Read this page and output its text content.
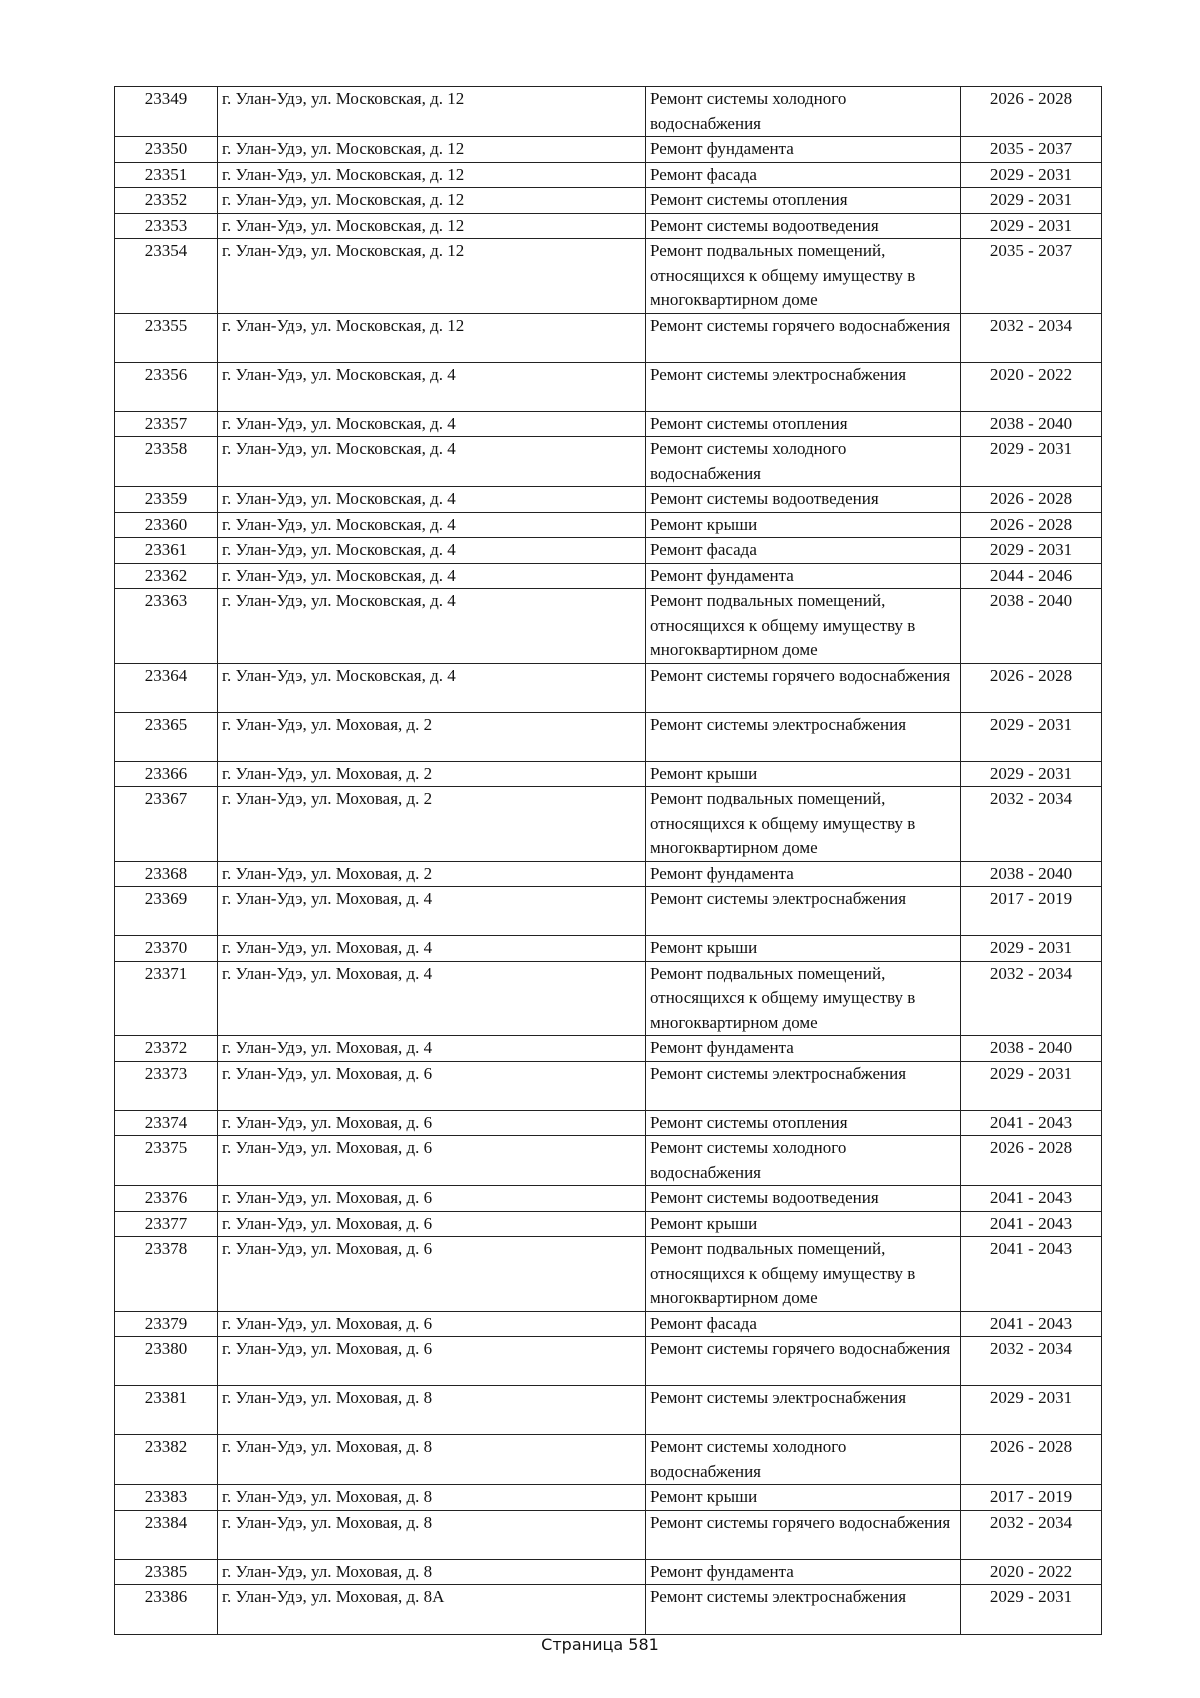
23349	г. Улан-Удэ, ул. Московская, д. 12	Ремонт системы холодного водоснабжения	2026 - 2028
23350	г. Улан-Удэ, ул. Московская, д. 12	Ремонт фундамента	2035 - 2037
23351	г. Улан-Удэ, ул. Московская, д. 12	Ремонт фасада	2029 - 2031
23352	г. Улан-Удэ, ул. Московская, д. 12	Ремонт системы отопления	2029 - 2031
23353	г. Улан-Удэ, ул. Московская, д. 12	Ремонт системы водоотведения	2029 - 2031
23354	г. Улан-Удэ, ул. Московская, д. 12	Ремонт подвальных помещений, относящихся к общему имуществу в многоквартирном доме	2035 - 2037
23355	г. Улан-Удэ, ул. Московская, д. 12	Ремонт системы горячего водоснабжения	2032 - 2034
23356	г. Улан-Удэ, ул. Московская, д. 4	Ремонт системы электроснабжения	2020 - 2022
23357	г. Улан-Удэ, ул. Московская, д. 4	Ремонт системы отопления	2038 - 2040
23358	г. Улан-Удэ, ул. Московская, д. 4	Ремонт системы холодного водоснабжения	2029 - 2031
23359	г. Улан-Удэ, ул. Московская, д. 4	Ремонт системы водоотведения	2026 - 2028
23360	г. Улан-Удэ, ул. Московская, д. 4	Ремонт крыши	2026 - 2028
23361	г. Улан-Удэ, ул. Московская, д. 4	Ремонт фасада	2029 - 2031
23362	г. Улан-Удэ, ул. Московская, д. 4	Ремонт фундамента	2044 - 2046
23363	г. Улан-Удэ, ул. Московская, д. 4	Ремонт подвальных помещений, относящихся к общему имуществу в многоквартирном доме	2038 - 2040
23364	г. Улан-Удэ, ул. Московская, д. 4	Ремонт системы горячего водоснабжения	2026 - 2028
23365	г. Улан-Удэ, ул. Моховая, д. 2	Ремонт системы электроснабжения	2029 - 2031
23366	г. Улан-Удэ, ул. Моховая, д. 2	Ремонт крыши	2029 - 2031
23367	г. Улан-Удэ, ул. Моховая, д. 2	Ремонт подвальных помещений, относящихся к общему имуществу в многоквартирном доме	2032 - 2034
23368	г. Улан-Удэ, ул. Моховая, д. 2	Ремонт фундамента	2038 - 2040
23369	г. Улан-Удэ, ул. Моховая, д. 4	Ремонт системы электроснабжения	2017 - 2019
23370	г. Улан-Удэ, ул. Моховая, д. 4	Ремонт крыши	2029 - 2031
23371	г. Улан-Удэ, ул. Моховая, д. 4	Ремонт подвальных помещений, относящихся к общему имуществу в многоквартирном доме	2032 - 2034
23372	г. Улан-Удэ, ул. Моховая, д. 4	Ремонт фундамента	2038 - 2040
23373	г. Улан-Удэ, ул. Моховая, д. 6	Ремонт системы электроснабжения	2029 - 2031
23374	г. Улан-Удэ, ул. Моховая, д. 6	Ремонт системы отопления	2041 - 2043
23375	г. Улан-Удэ, ул. Моховая, д. 6	Ремонт системы холодного водоснабжения	2026 - 2028
23376	г. Улан-Удэ, ул. Моховая, д. 6	Ремонт системы водоотведения	2041 - 2043
23377	г. Улан-Удэ, ул. Моховая, д. 6	Ремонт крыши	2041 - 2043
23378	г. Улан-Удэ, ул. Моховая, д. 6	Ремонт подвальных помещений, относящихся к общему имуществу в многоквартирном доме	2041 - 2043
23379	г. Улан-Удэ, ул. Моховая, д. 6	Ремонт фасада	2041 - 2043
23380	г. Улан-Удэ, ул. Моховая, д. 6	Ремонт системы горячего водоснабжения	2032 - 2034
23381	г. Улан-Удэ, ул. Моховая, д. 8	Ремонт системы электроснабжения	2029 - 2031
23382	г. Улан-Удэ, ул. Моховая, д. 8	Ремонт системы холодного водоснабжения	2026 - 2028
23383	г. Улан-Удэ, ул. Моховая, д. 8	Ремонт крыши	2017 - 2019
23384	г. Улан-Удэ, ул. Моховая, д. 8	Ремонт системы горячего водоснабжения	2032 - 2034
23385	г. Улан-Удэ, ул. Моховая, д. 8	Ремонт фундамента	2020 - 2022
23386	г. Улан-Удэ, ул. Моховая, д. 8А	Ремонт системы электроснабжения	2029 - 2031
Страница 581
